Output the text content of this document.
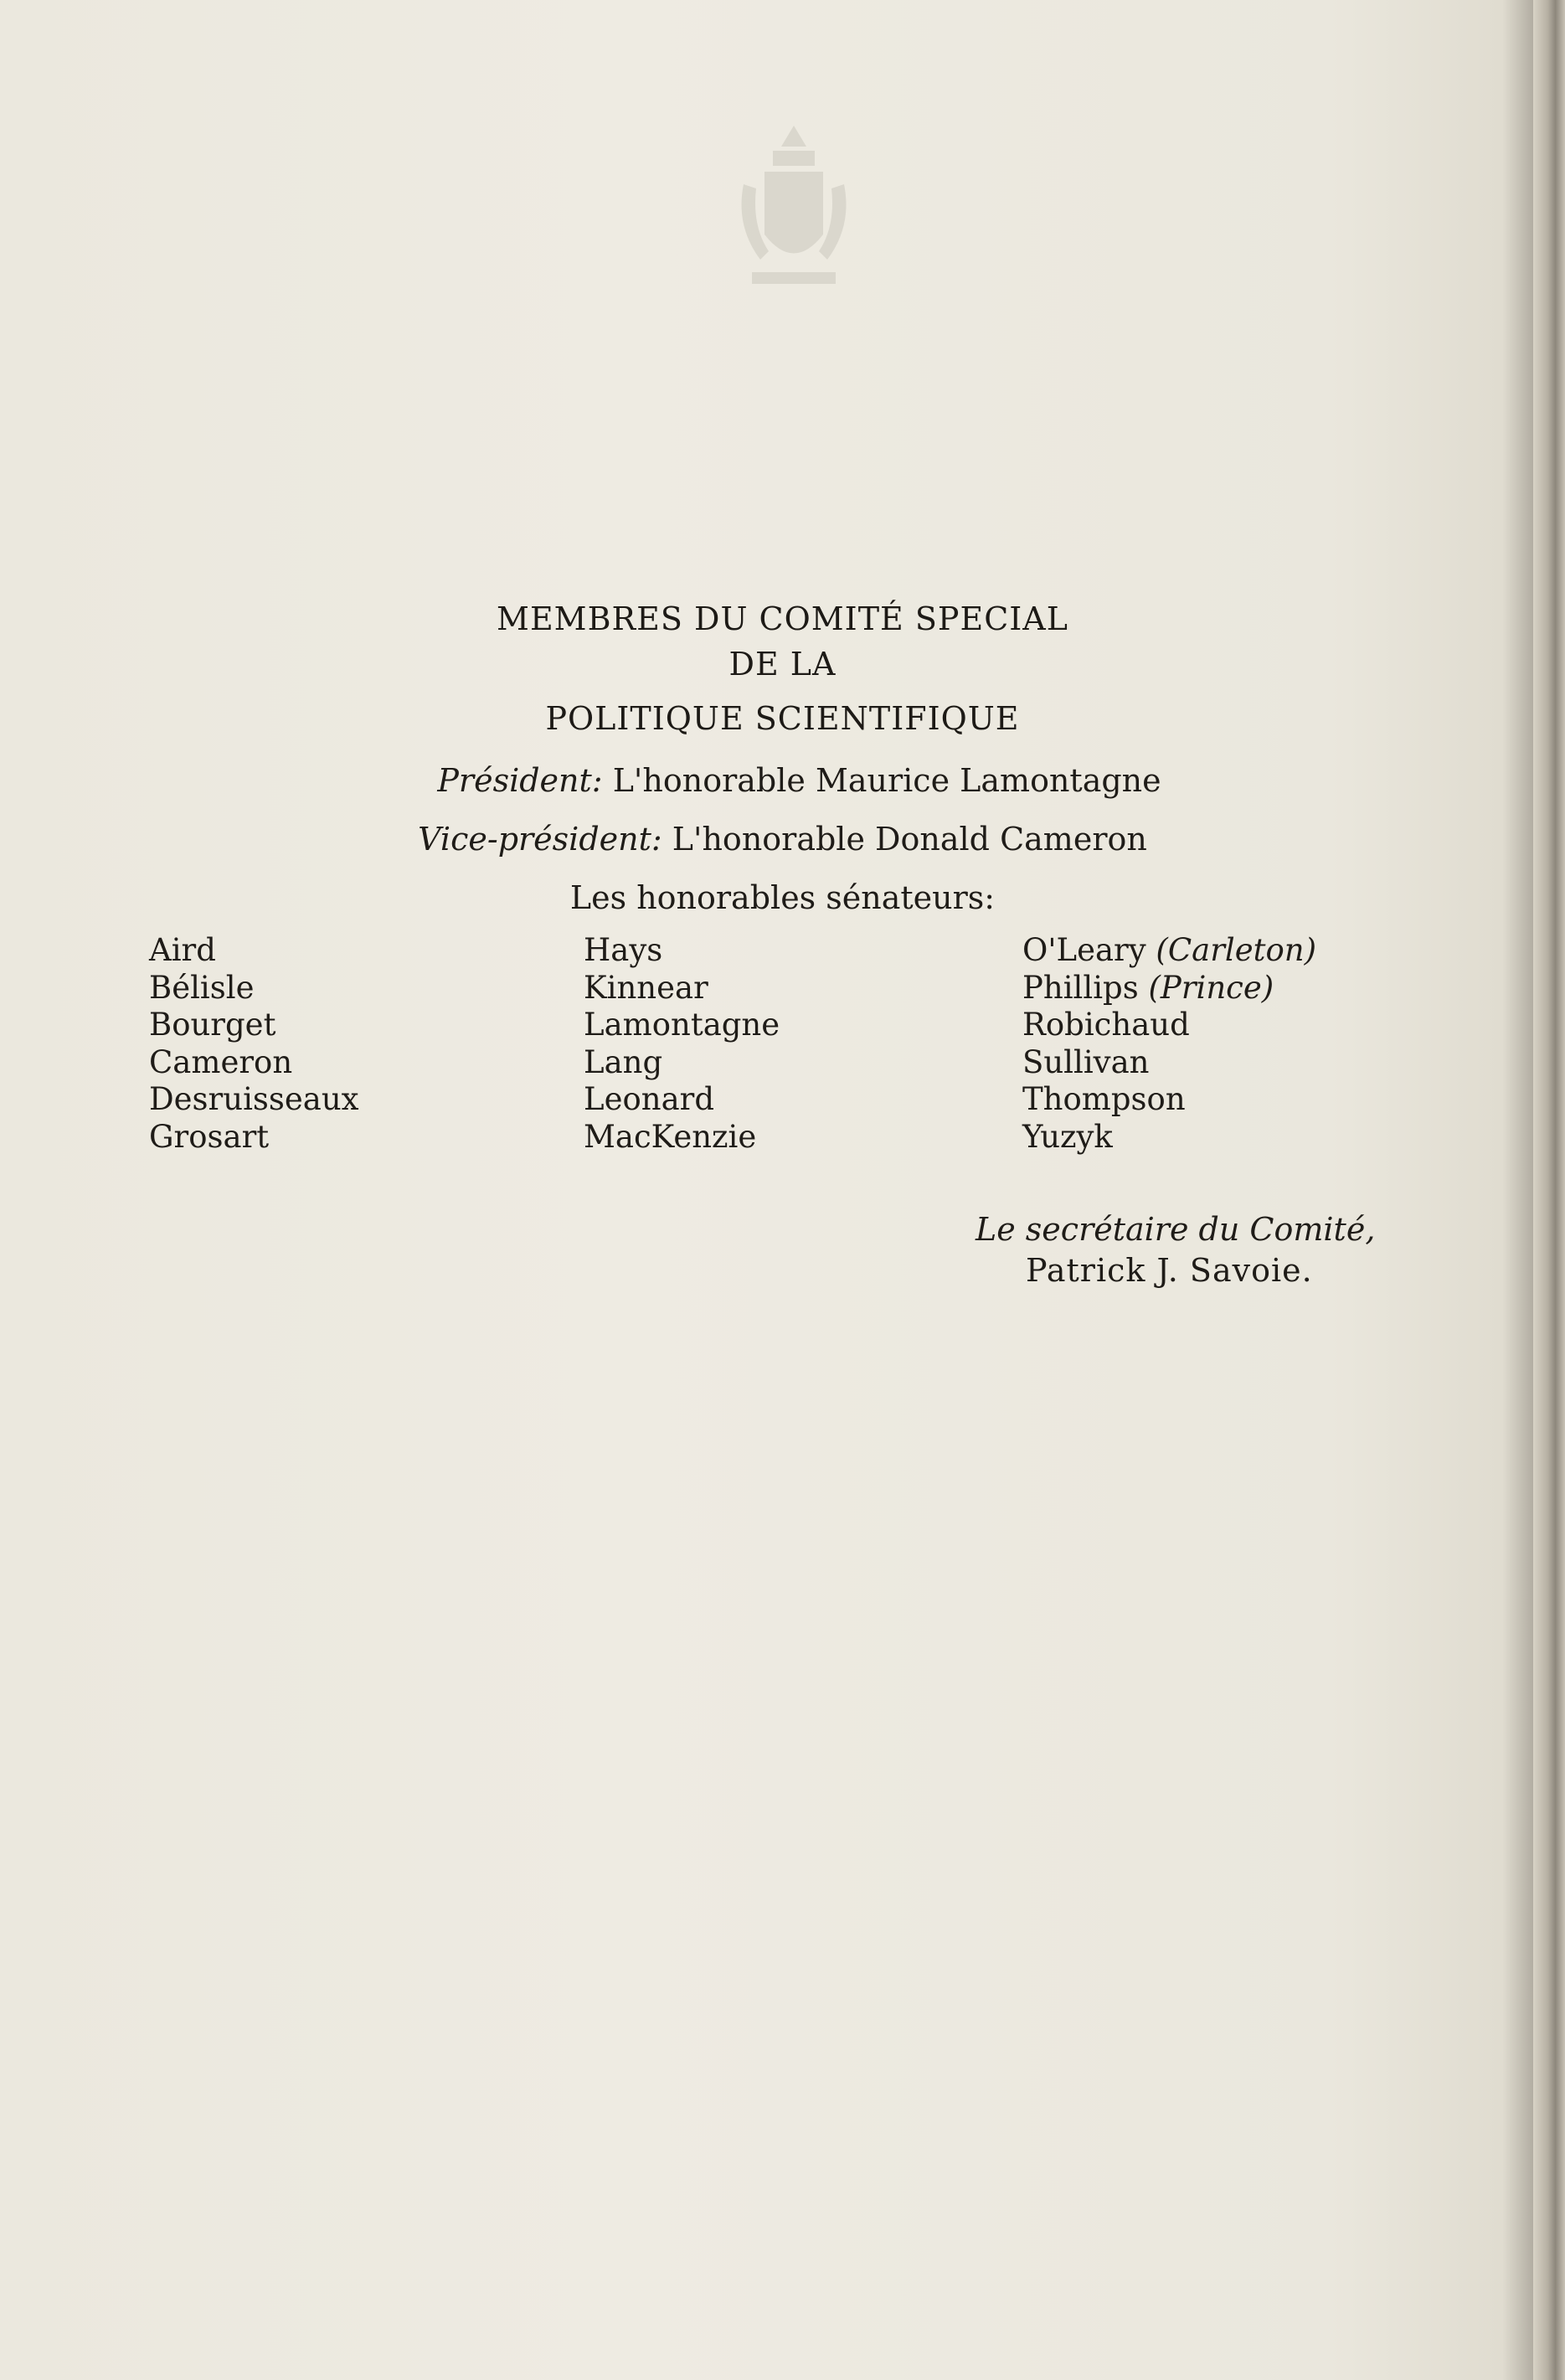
MEMBRES DU COMITÉ SPECIAL
DE LA
POLITIQUE SCIENTIFIQUE
Président: L'honorable Maurice Lamontagne
Vice-président: L'honorable Donald Cameron
Les honorables sénateurs:
Aird
Bélisle
Bourget
Cameron
Desruisseaux
Grosart
Hays
Kinnear
Lamontagne
Lang
Leonard
MacKenzie
O'Leary (Carleton)
Phillips (Prince)
Robichaud
Sullivan
Thompson
Yuzyk
Le secrétaire du Comité,
Patrick J. Savoie.
